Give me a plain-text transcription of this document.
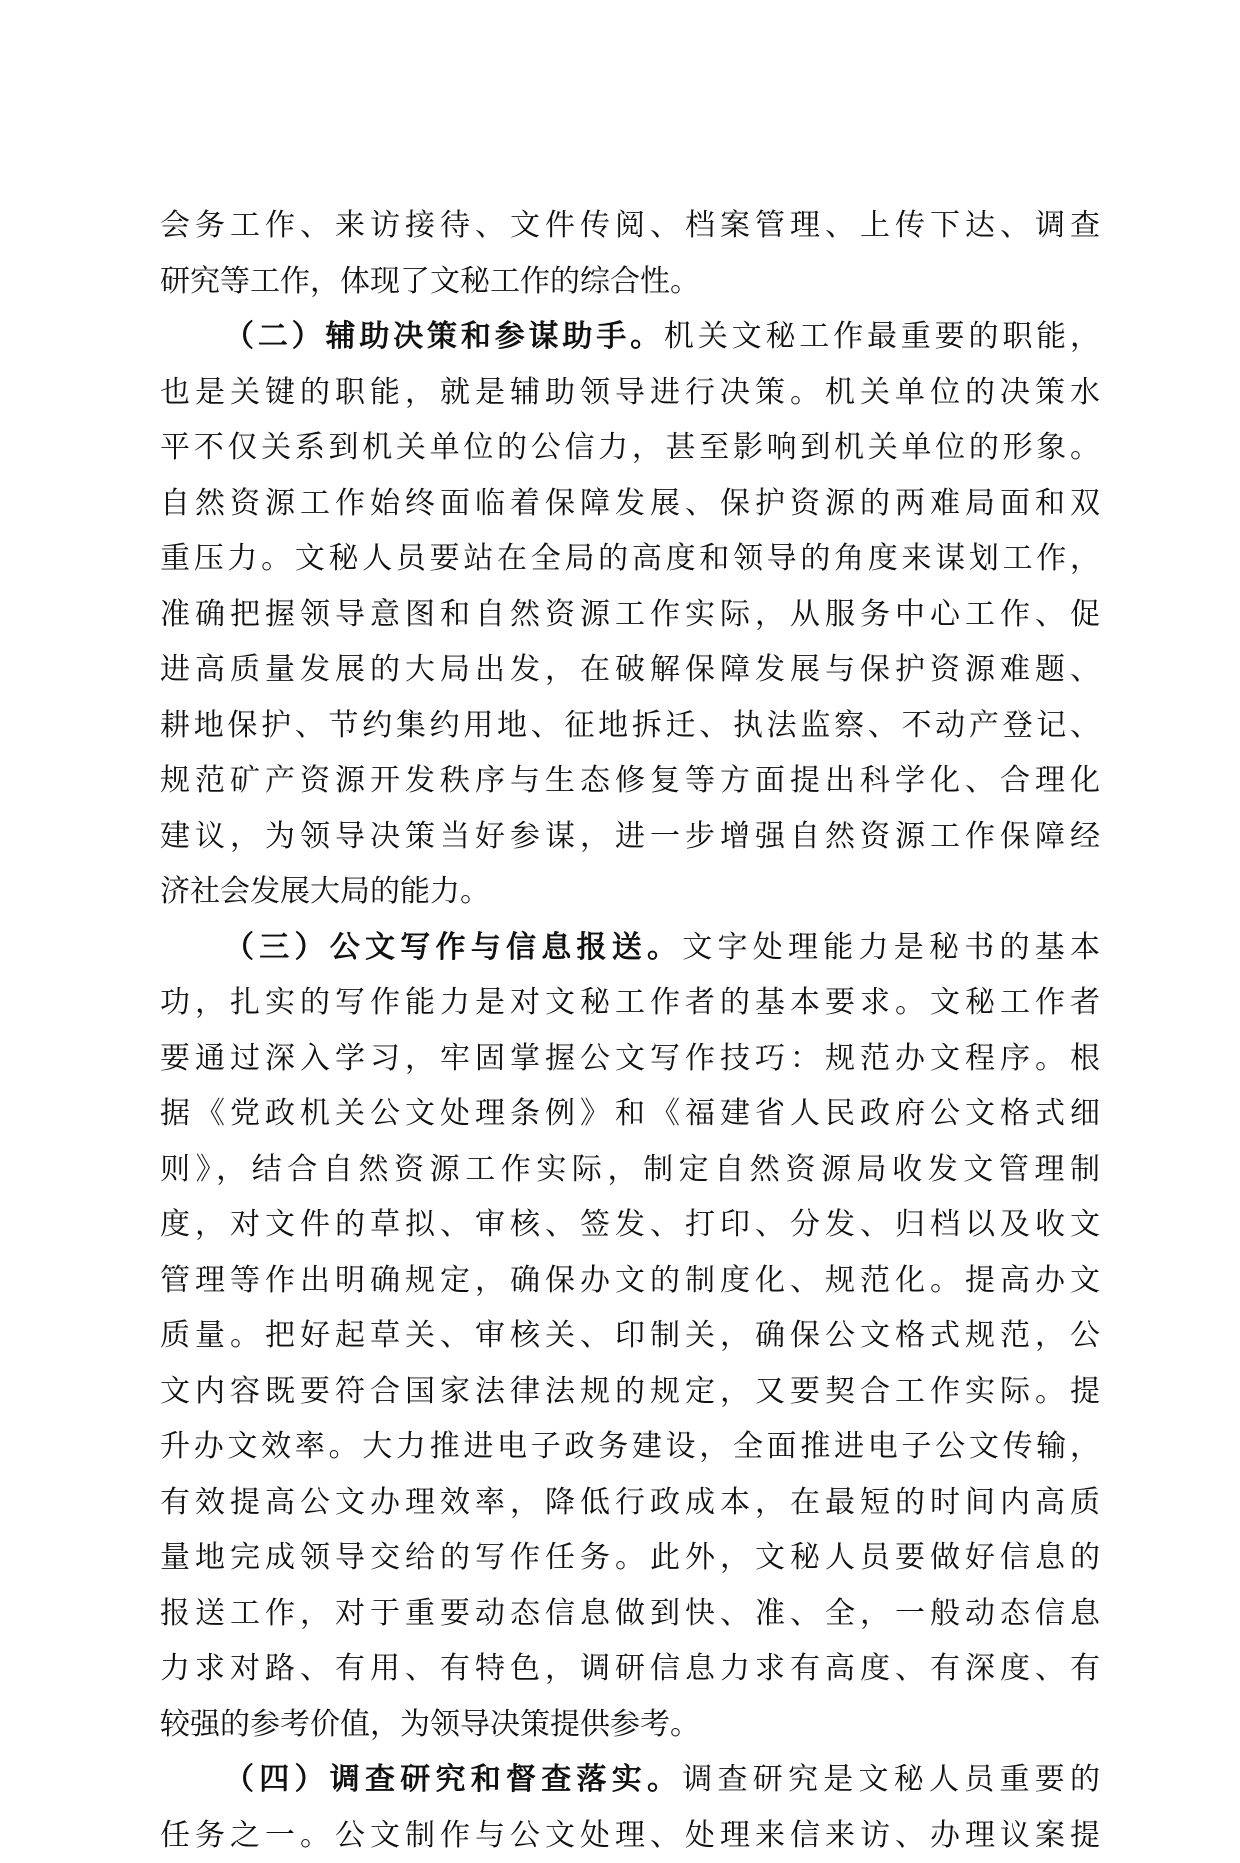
会务工作、来访接待、文件传阅、档案管理、上传下达、调查
研究等工作，体现了文秘工作的综合性。
（二）辅助决策和参谋助手。机关文秘工作最重要的职能，
也是关键的职能，就是辅助领导进行决策。机关单位的决策水
平不仅关系到机关单位的公信力，甚至影响到机关单位的形象。
自然资源工作始终面临着保障发展、保护资源的两难局面和双
重压力。文秘人员要站在全局的高度和领导的角度来谋划工作，
准确把握领导意图和自然资源工作实际，从服务中心工作、促
进高质量发展的大局出发，在破解保障发展与保护资源难题、
耕地保护、节约集约用地、征地拆迁、执法监察、不动产登记、
规范矿产资源开发秩序与生态修复等方面提出科学化、合理化
建议，为领导决策当好参谋，进一步增强自然资源工作保障经
济社会发展大局的能力。
（三）公文写作与信息报送。文字处理能力是秘书的基本
功，扎实的写作能力是对文秘工作者的基本要求。文秘工作者
要通过深入学习，牢固掌握公文写作技巧：规范办文程序。根
据《党政机关公文处理条例》和《福建省人民政府公文格式细
则》，结合自然资源工作实际，制定自然资源局收发文管理制
度，对文件的草拟、审核、签发、打印、分发、归档以及收文
管理等作出明确规定，确保办文的制度化、规范化。提高办文
质量。把好起草关、审核关、印制关，确保公文格式规范，公
文内容既要符合国家法律法规的规定，又要契合工作实际。提
升办文效率。大力推进电子政务建设，全面推进电子公文传输，
有效提高公文办理效率，降低行政成本，在最短的时间内高质
量地完成领导交给的写作任务。此外，文秘人员要做好信息的
报送工作，对于重要动态信息做到快、准、全，一般动态信息
力求对路、有用、有特色，调研信息力求有高度、有深度、有
较强的参考价值，为领导决策提供参考。
（四）调查研究和督查落实。调查研究是文秘人员重要的
任务之一。公文制作与公文处理、处理来信来访、办理议案提
